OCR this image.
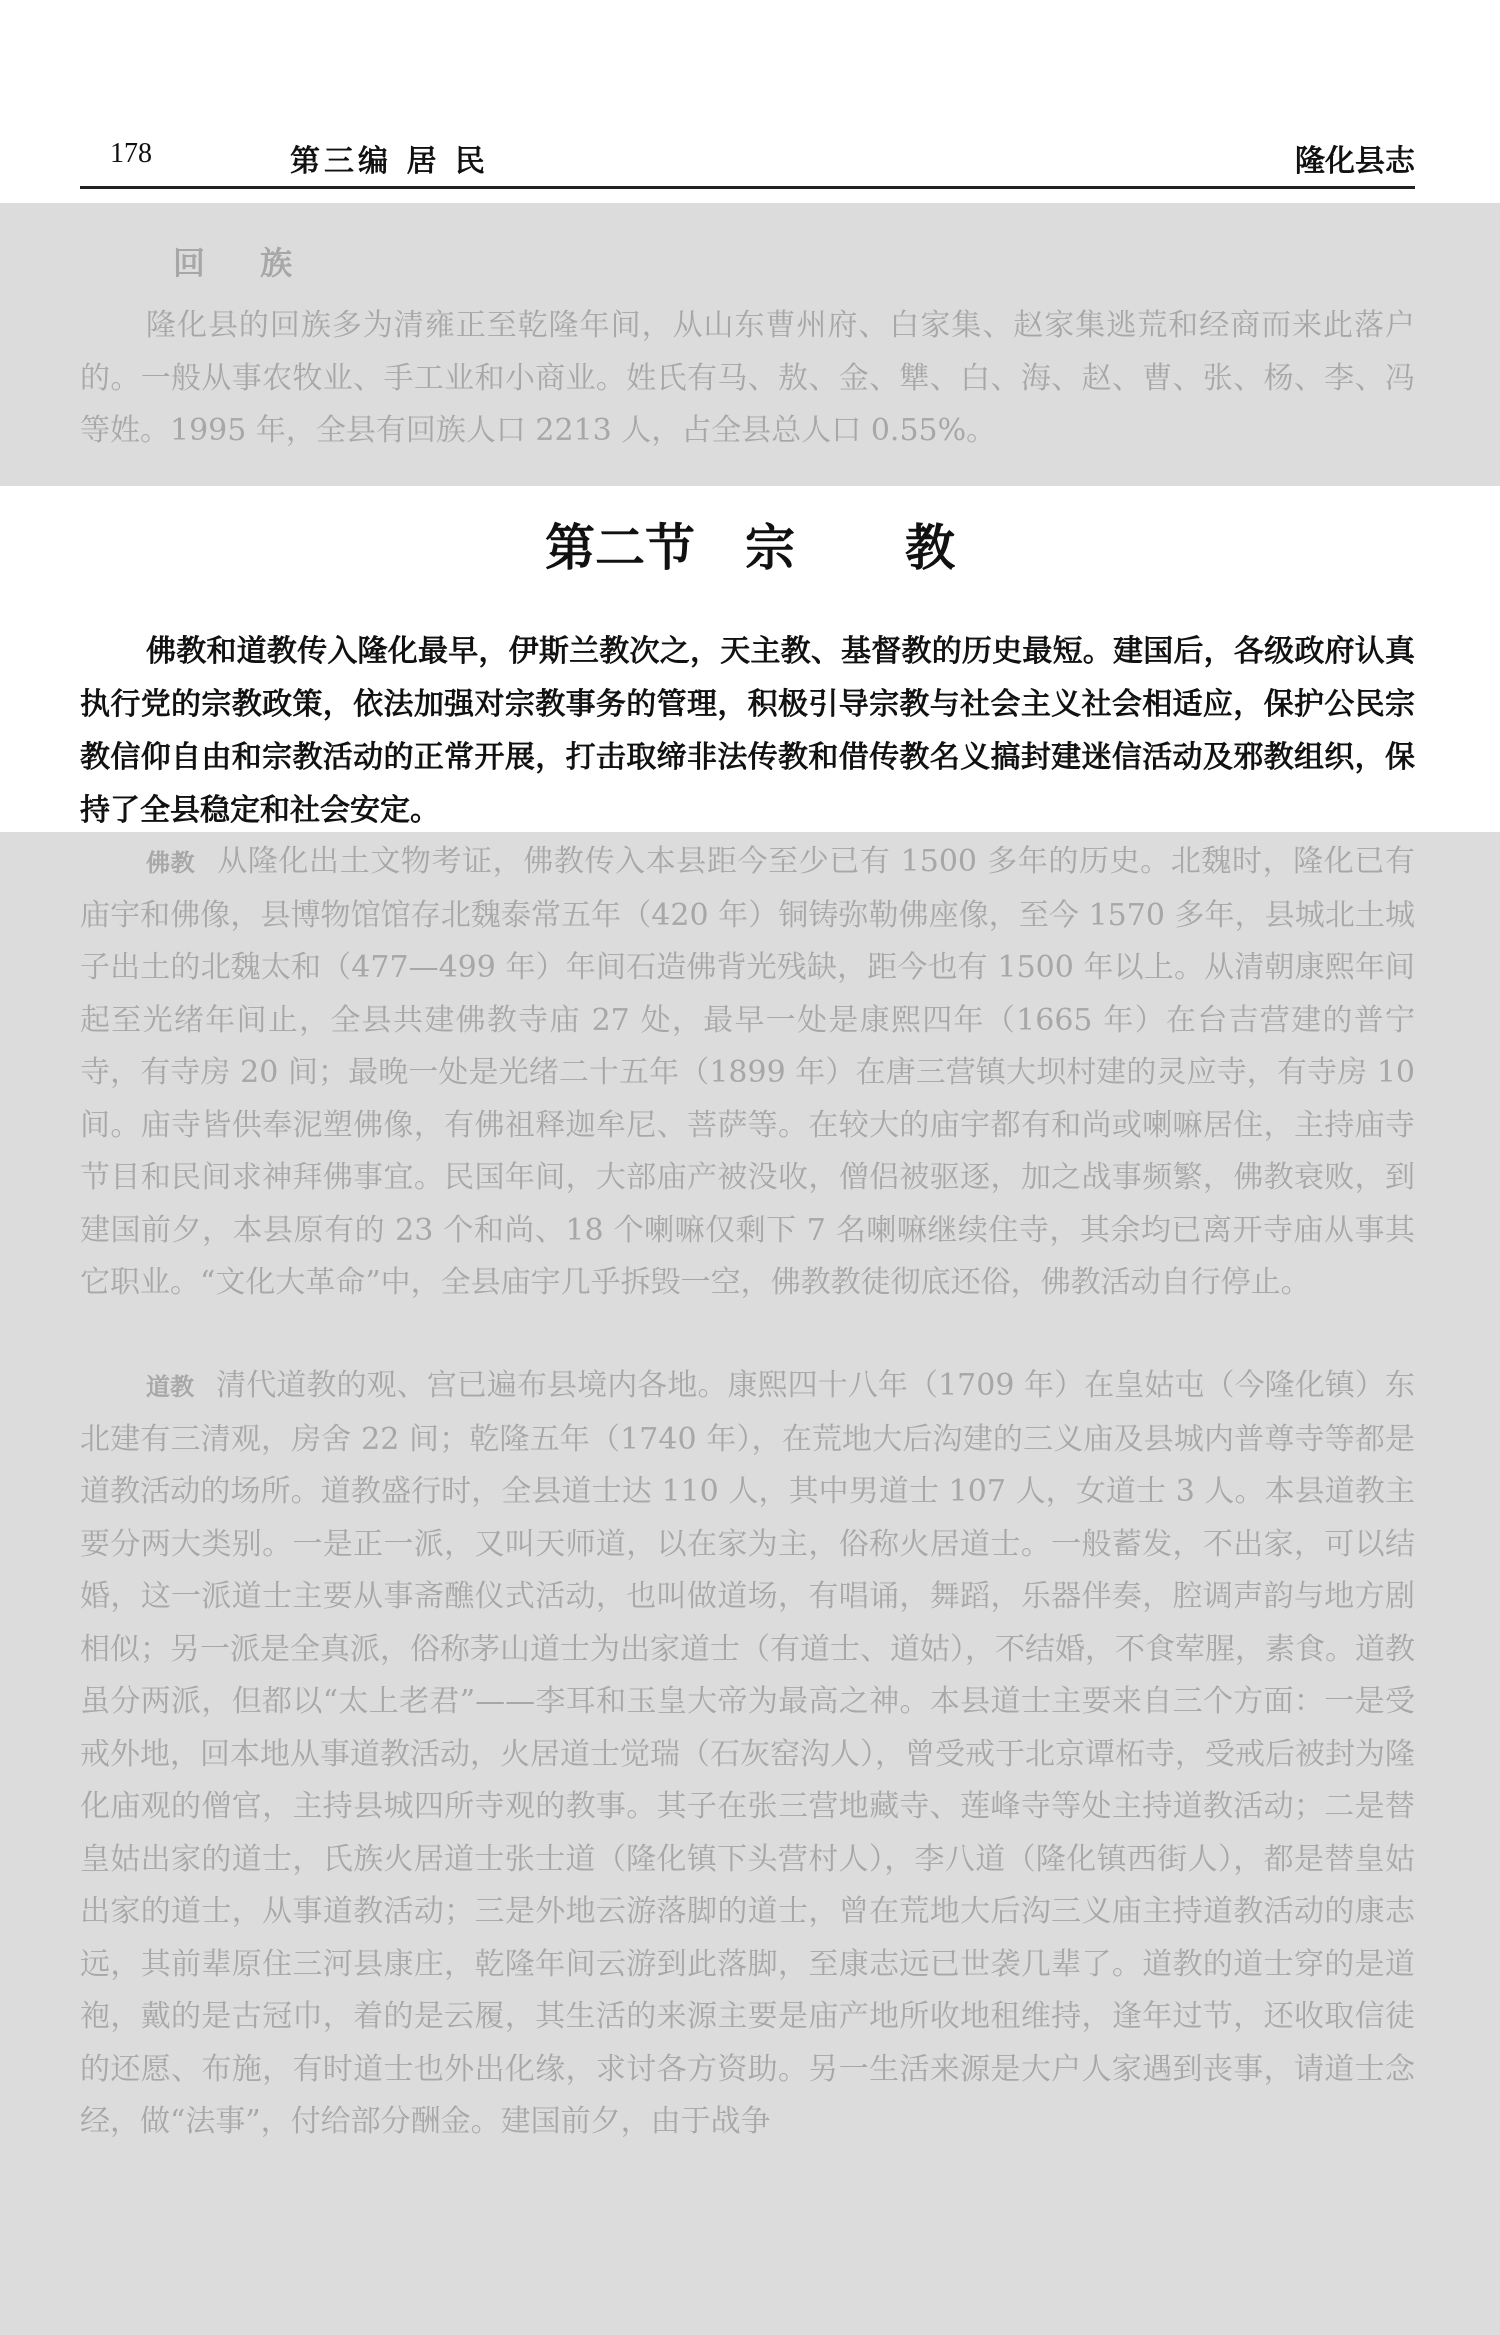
178	第三编 居 民	隆化县志
回 族
隆化县的回族多为清雍正至乾隆年间，从山东曹州府、白家集、赵家集逃荒和经商而来此落户的。一般从事农牧业、手工业和小商业。姓氏有马、敖、金、犨、白、海、赵、曹、张、杨、李、冯等姓。1995 年，全县有回族人口 2213 人，占全县总人口 0.55%。
第二节 宗 教
佛教和道教传入隆化最早，伊斯兰教次之，天主教、基督教的历史最短。建国后，各级政府认真执行党的宗教政策，依法加强对宗教事务的管理，积极引导宗教与社会主义社会相适应，保护公民宗教信仰自由和宗教活动的正常开展，打击取缔非法传教和借传教名义搞封建迷信活动及邪教组织，保持了全县稳定和社会安定。
佛教 从隆化出土文物考证，佛教传入本县距今至少已有 1500 多年的历史。北魏时，隆化已有庙宇和佛像，县博物馆馆存北魏泰常五年（420 年）铜铸弥勒佛座像，至今 1570 多年，县城北土城子出土的北魏太和（477—499 年）年间石造佛背光残缺，距今也有 1500 年以上。从清朝康熙年间起至光绪年间止，全县共建佛教寺庙 27 处，最早一处是康熙四年（1665 年）在台吉营建的普宁寺，有寺房 20 间；最晚一处是光绪二十五年（1899 年）在唐三营镇大坝村建的灵应寺，有寺房 10 间。庙寺皆供奉泥塑佛像，有佛祖释迦牟尼、菩萨等。在较大的庙宇都有和尚或喇嘛居住，主持庙寺节目和民间求神拜佛事宜。民国年间，大部庙产被没收，僧侣被驱逐，加之战事频繁，佛教衰败，到建国前夕，本县原有的 23 个和尚、18 个喇嘛仅剩下 7 名喇嘛继续住寺，其余均已离开寺庙从事其它职业。“文化大革命”中，全县庙宇几乎拆毁一空，佛教教徒彻底还俗，佛教活动自行停止。
道教 清代道教的观、宫已遍布县境内各地。康熙四十八年（1709 年）在皇姑屯（今隆化镇）东北建有三清观，房舍 22 间；乾隆五年（1740 年），在荒地大后沟建的三义庙及县城内普尊寺等都是道教活动的场所。道教盛行时，全县道士达 110 人，其中男道士 107 人，女道士 3 人。本县道教主要分两大类别。一是正一派，又叫天师道，以在家为主，俗称火居道士。一般蓄发，不出家，可以结婚，这一派道士主要从事斋醮仪式活动，也叫做道场，有唱诵，舞蹈，乐器伴奏，腔调声韵与地方剧相似；另一派是全真派，俗称茅山道士为出家道士（有道士、道姑），不结婚，不食荤腥，素食。道教虽分两派，但都以“太上老君”——李耳和玉皇大帝为最高之神。本县道士主要来自三个方面：一是受戒外地，回本地从事道教活动，火居道士觉瑞（石灰窑沟人），曾受戒于北京谭柘寺，受戒后被封为隆化庙观的僧官，主持县城四所寺观的教事。其子在张三营地藏寺、莲峰寺等处主持道教活动；二是替皇姑出家的道士，氏族火居道士张士道（隆化镇下头营村人），李八道（隆化镇西街人），都是替皇姑出家的道士，从事道教活动；三是外地云游落脚的道士，曾在荒地大后沟三义庙主持道教活动的康志远，其前辈原住三河县康庄，乾隆年间云游到此落脚，至康志远已世袭几辈了。道教的道士穿的是道袍，戴的是古冠巾，着的是云履，其生活的来源主要是庙产地所收地租维持，逢年过节，还收取信徒的还愿、布施，有时道士也外出化缘，求讨各方资助。另一生活来源是大户人家遇到丧事，请道士念经，做“法事”，付给部分酬金。建国前夕，由于战争
